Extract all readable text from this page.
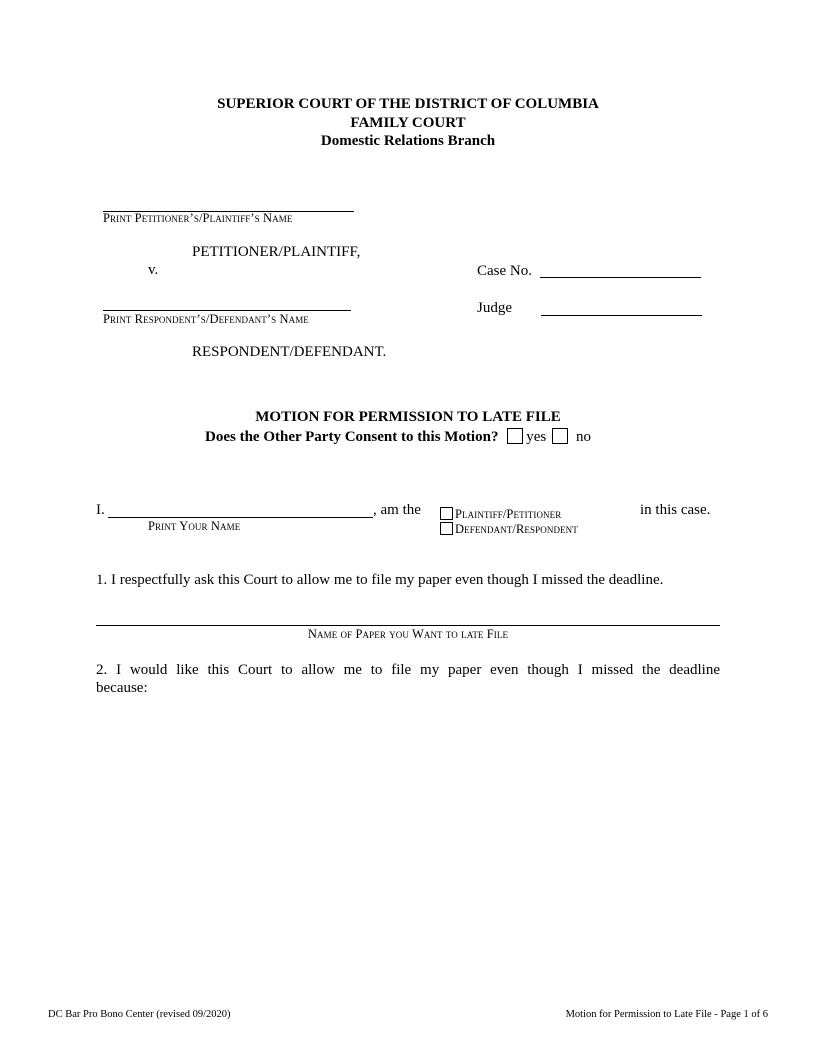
SUPERIOR COURT OF THE DISTRICT OF COLUMBIA
FAMILY COURT
Domestic Relations Branch
Print Petitioner’s/Plaintiff’s Name
PETITIONER/PLAINTIFF,
v.	Case No.
Judge
Print Respondent’s/Defendant’s Name
RESPONDENT/DEFENDANT.
MOTION FOR PERMISSION TO LATE FILE
Does the Other Party Consent to this Motion? yes no
I.	, am the
Print Your Name
Plaintiff/Petitioner
Defendant/Respondent
in this case.
1. I respectfully ask this Court to allow me to file my paper even though I missed the deadline.
Name of Paper you Want to late File
2. I would like this Court to allow me to file my paper even though I missed the deadline because:
DC Bar Pro Bono Center (revised 09/2020)	Motion for Permission to Late File - Page 1 of 6
